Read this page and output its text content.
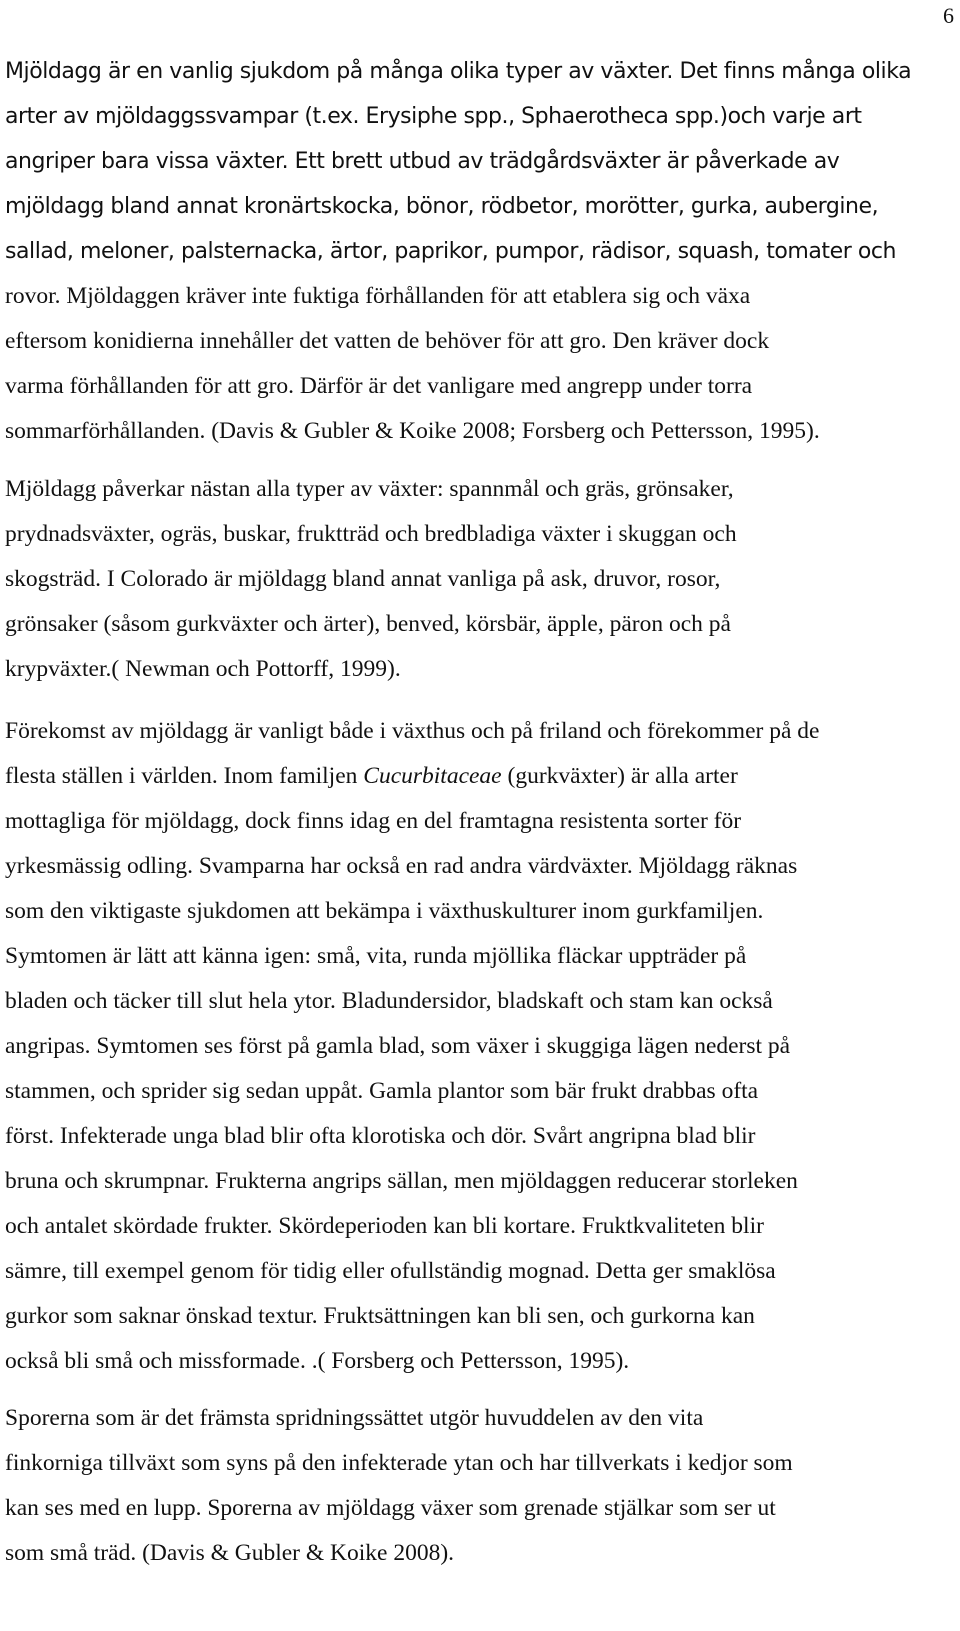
6
Mjöldagg är en vanlig sjukdom på många olika typer av växter. Det finns många olika
arter av mjöldaggssvampar (t.ex. Erysiphe spp., Sphaerotheca spp.)och varje art
angriper bara vissa växter. Ett brett utbud av trädgårdsväxter är påverkade av
mjöldagg bland annat kronärtskocka, bönor, rödbetor, morötter, gurka, aubergine,
sallad, meloner, palsternacka, ärtor, paprikor, pumpor, rädisor, squash, tomater och
rovor. Mjöldaggen kräver inte fuktiga förhållanden för att etablera sig och växa
eftersom konidierna innehåller det vatten de behöver för att gro. Den kräver dock
varma förhållanden för att gro. Därför är det vanligare med angrepp under torra
sommarförhållanden. (Davis & Gubler & Koike 2008; Forsberg och Pettersson, 1995).
Mjöldagg påverkar nästan alla typer av växter: spannmål och gräs, grönsaker,
prydnadsväxter, ogräs, buskar, fruktträd och bredbladiga växter i skuggan och
skogsträd. I Colorado är mjöldagg bland annat vanliga på ask, druvor, rosor,
grönsaker (såsom gurkväxter och ärter), benved, körsbär, äpple, päron och på
krypväxter.( Newman och Pottorff, 1999).
Förekomst av mjöldagg är vanligt både i växthus och på friland och förekommer på de
flesta ställen i världen. Inom familjen Cucurbitaceae (gurkväxter) är alla arter
mottagliga för mjöldagg, dock finns idag en del framtagna resistenta sorter för
yrkesmässig odling. Svamparna har också en rad andra värdväxter. Mjöldagg räknas
som den viktigaste sjukdomen att bekämpa i växthuskulturer inom gurkfamiljen.
Symtomen är lätt att känna igen: små, vita, runda mjöllika fläckar uppträder på
bladen och täcker till slut hela ytor. Bladundersidor, bladskaft och stam kan också
angripas. Symtomen ses först på gamla blad, som växer i skuggiga lägen nederst på
stammen, och sprider sig sedan uppåt. Gamla plantor som bär frukt drabbas ofta
först. Infekterade unga blad blir ofta klorotiska och dör. Svårt angripna blad blir
bruna och skrumpnar. Frukterna angrips sällan, men mjöldaggen reducerar storleken
och antalet skördade frukter. Skördeperioden kan bli kortare. Fruktkvaliteten blir
sämre, till exempel genom för tidig eller ofullständig mognad. Detta ger smaklösa
gurkor som saknar önskad textur. Fruktsättningen kan bli sen, och gurkorna kan
också bli små och missformade. .( Forsberg och Pettersson, 1995).
Sporerna som är det främsta spridningssättet utgör huvuddelen av den vita
finkorniga tillväxt som syns på den infekterade ytan och har tillverkats i kedjor som
kan ses med en lupp. Sporerna av mjöldagg växer som grenade stjälkar som ser ut
som små träd. (Davis & Gubler & Koike 2008).
